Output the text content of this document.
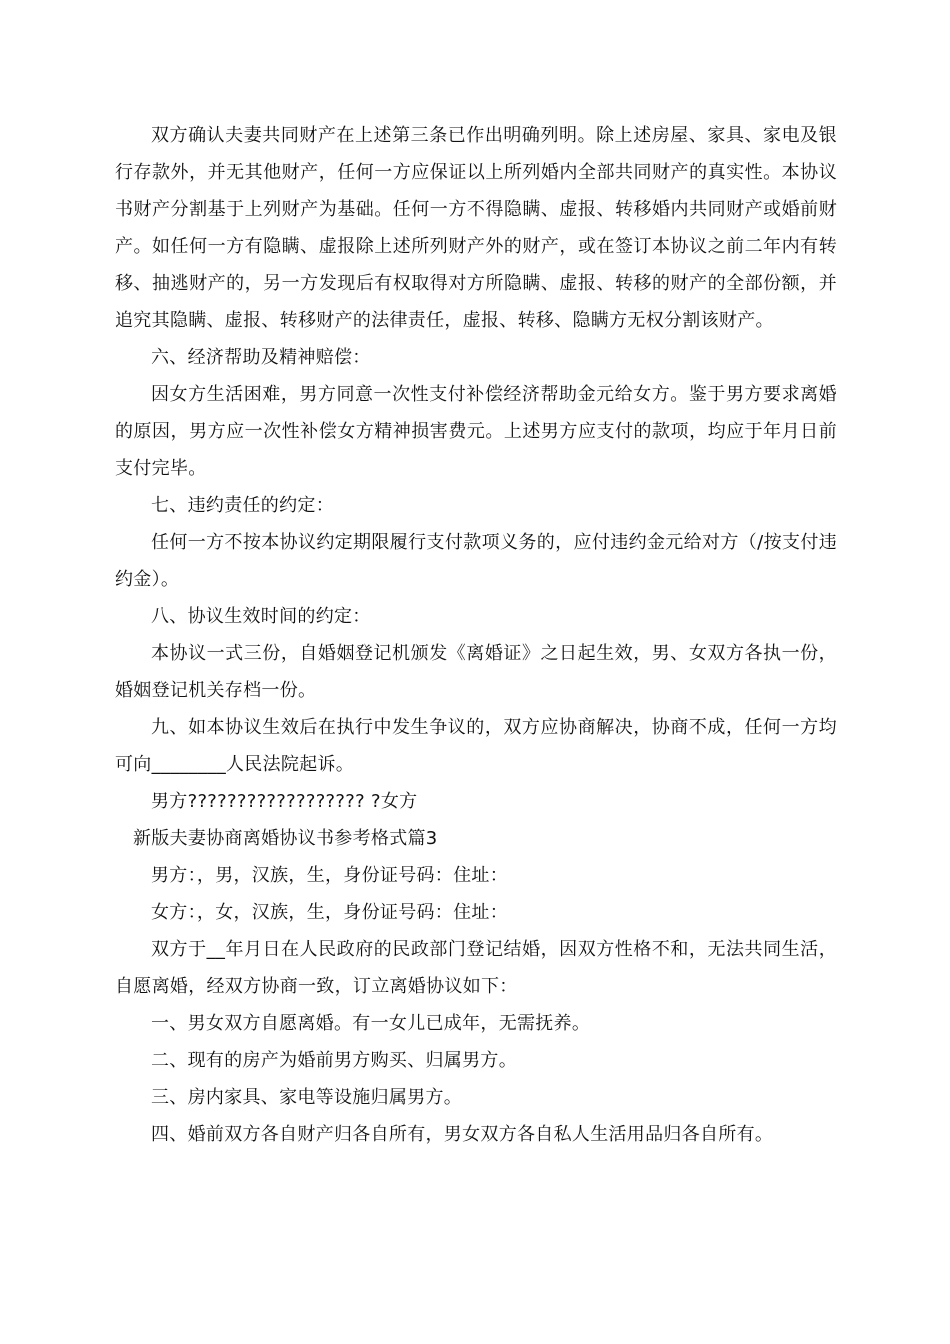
双方确认夫妻共同财产在上述第三条已作出明确列明。除上述房屋、家具、家电及银行存款外，并无其他财产，任何一方应保证以上所列婚内全部共同财产的真实性。本协议书财产分割基于上列财产为基础。任何一方不得隐瞒、虚报、转移婚内共同财产或婚前财产。如任何一方有隐瞒、虚报除上述所列财产外的财产，或在签订本协议之前二年内有转移、抽逃财产的，另一方发现后有权取得对方所隐瞒、虚报、转移的财产的全部份额，并追究其隐瞒、虚报、转移财产的法律责任，虚报、转移、隐瞒方无权分割该财产。

六、经济帮助及精神赔偿：

因女方生活困难，男方同意一次性支付补偿经济帮助金元给女方。鉴于男方要求离婚的原因，男方应一次性补偿女方精神损害费元。上述男方应支付的款项，均应于年月日前支付完毕。

七、违约责任的约定：

任何一方不按本协议约定期限履行支付款项义务的，应付违约金元给对方（/按支付违约金）。

八、协议生效时间的约定：

本协议一式三份，自婚姻登记机颁发《离婚证》之日起生效，男、女双方各执一份，婚姻登记机关存档一份。

九、如本协议生效后在执行中发生争议的，双方应协商解决，协商不成，任何一方均可向________人民法院起诉。

男方?????????????????? ?女方

新版夫妻协商离婚协议书参考格式篇3

男方：，男，汉族，生，身份证号码：住址：

女方：，女，汉族，生，身份证号码：住址：

双方于__年月日在人民政府的民政部门登记结婚，因双方性格不和，无法共同生活，自愿离婚，经双方协商一致，订立离婚协议如下：

一、男女双方自愿离婚。有一女儿已成年，无需抚养。

二、现有的房产为婚前男方购买、归属男方。

三、房内家具、家电等设施归属男方。

四、婚前双方各自财产归各自所有，男女双方各自私人生活用品归各自所有。
